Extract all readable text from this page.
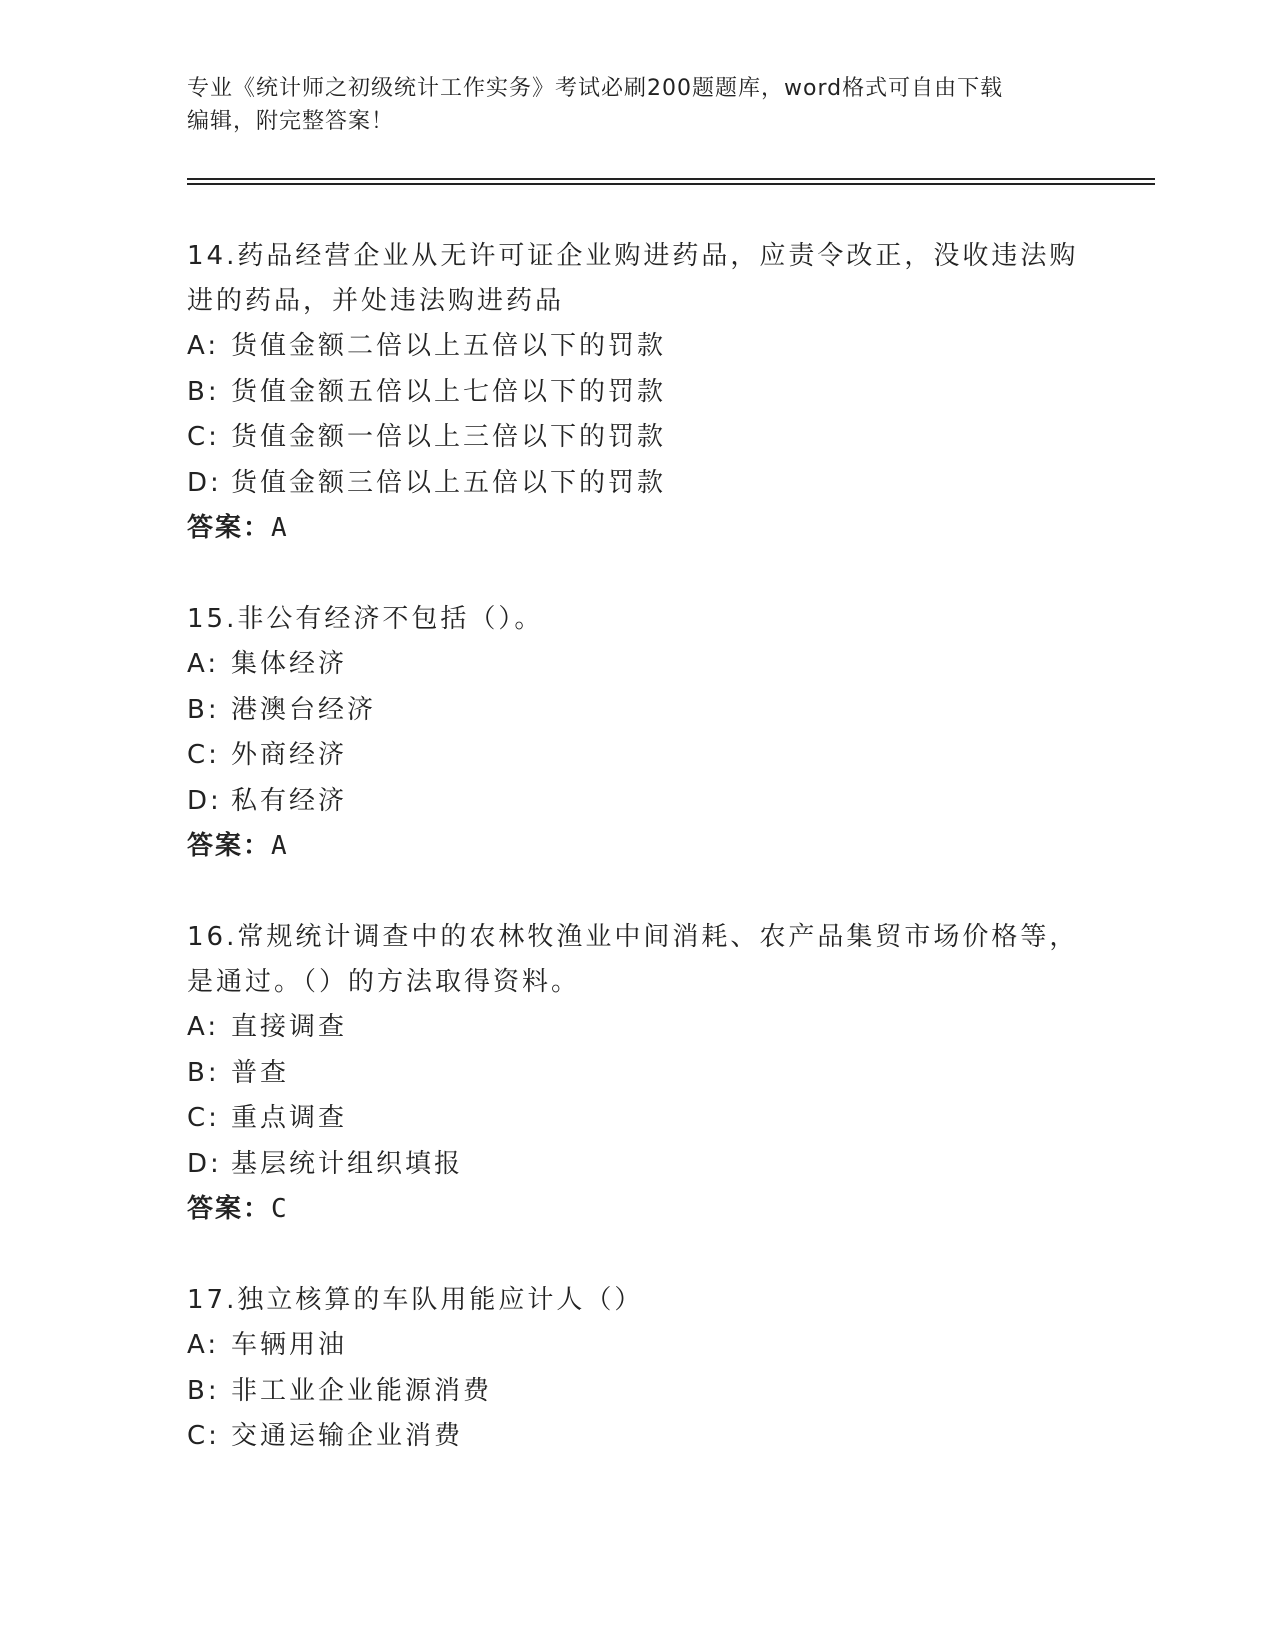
专业《统计师之初级统计工作实务》考试必刷200题题库，word格式可自由下载
编辑，附完整答案！

14.药品经营企业从无许可证企业购进药品，应责令改正，没收违法购

进的药品，并处违法购进药品

A: 货值金额二倍以上五倍以下的罚款

B: 货值金额五倍以上七倍以下的罚款

C: 货值金额一倍以上三倍以下的罚款

D: 货值金额三倍以上五倍以下的罚款

答案：A

15.非公有经济不包括（）。

A: 集体经济

B: 港澳台经济

C: 外商经济

D: 私有经济

答案：A

16.常规统计调查中的农林牧渔业中间消耗、农产品集贸市场价格等，

是通过。（）的方法取得资料。

A: 直接调查

B: 普查

C: 重点调查

D: 基层统计组织填报

答案：C

17.独立核算的车队用能应计人（）

A: 车辆用油

B: 非工业企业能源消费

C: 交通运输企业消费
